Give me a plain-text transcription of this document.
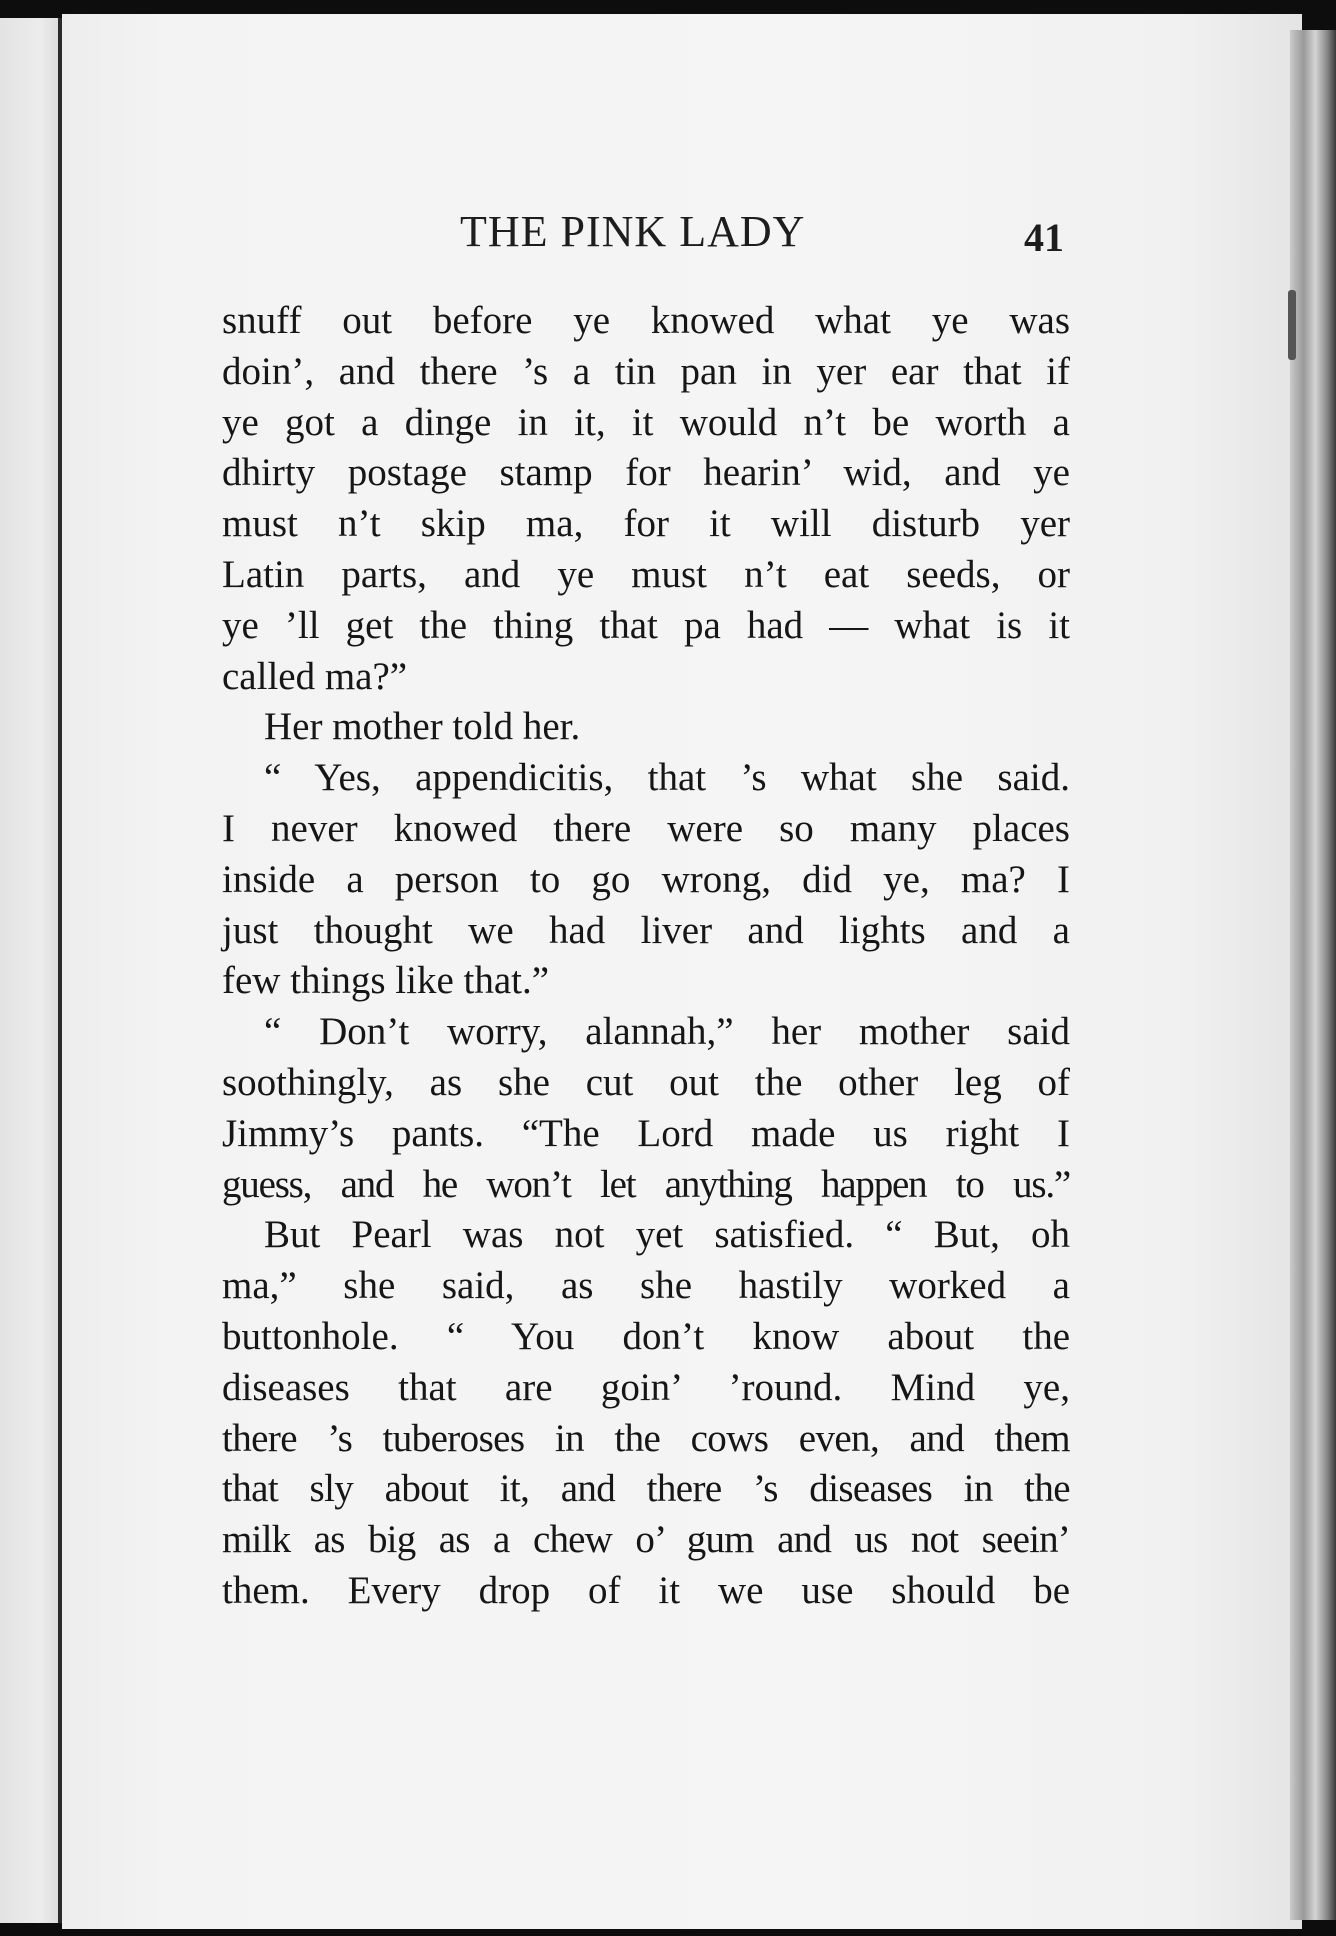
THE PINK LADY	41
snuff out before ye knowed what ye was
doin’, and there ’s a tin pan in yer ear that if
ye got a dinge in it, it would n’t be worth a
dhirty postage stamp for hearin’ wid, and ye
must n’t skip ma, for it will disturb yer
Latin parts, and ye must n’t eat seeds, or
ye ’ll get the thing that pa had — what is it
called ma?”
Her mother told her.
“ Yes, appendicitis, that ’s what she said.
I never knowed there were so many places
inside a person to go wrong, did ye, ma? I
just thought we had liver and lights and a
few things like that.”
“ Don’t worry, alannah,” her mother said
soothingly, as she cut out the other leg of
Jimmy’s pants. “The Lord made us right I
guess, and he won’t let anything happen to us.”
But Pearl was not yet satisfied. “ But, oh
ma,” she said, as she hastily worked a
buttonhole. “ You don’t know about the
diseases that are goin’ ’round. Mind ye,
there ’s tuberoses in the cows even, and them
that sly about it, and there ’s diseases in the
milk as big as a chew o’ gum and us not seein’
them. Every drop of it we use should be
